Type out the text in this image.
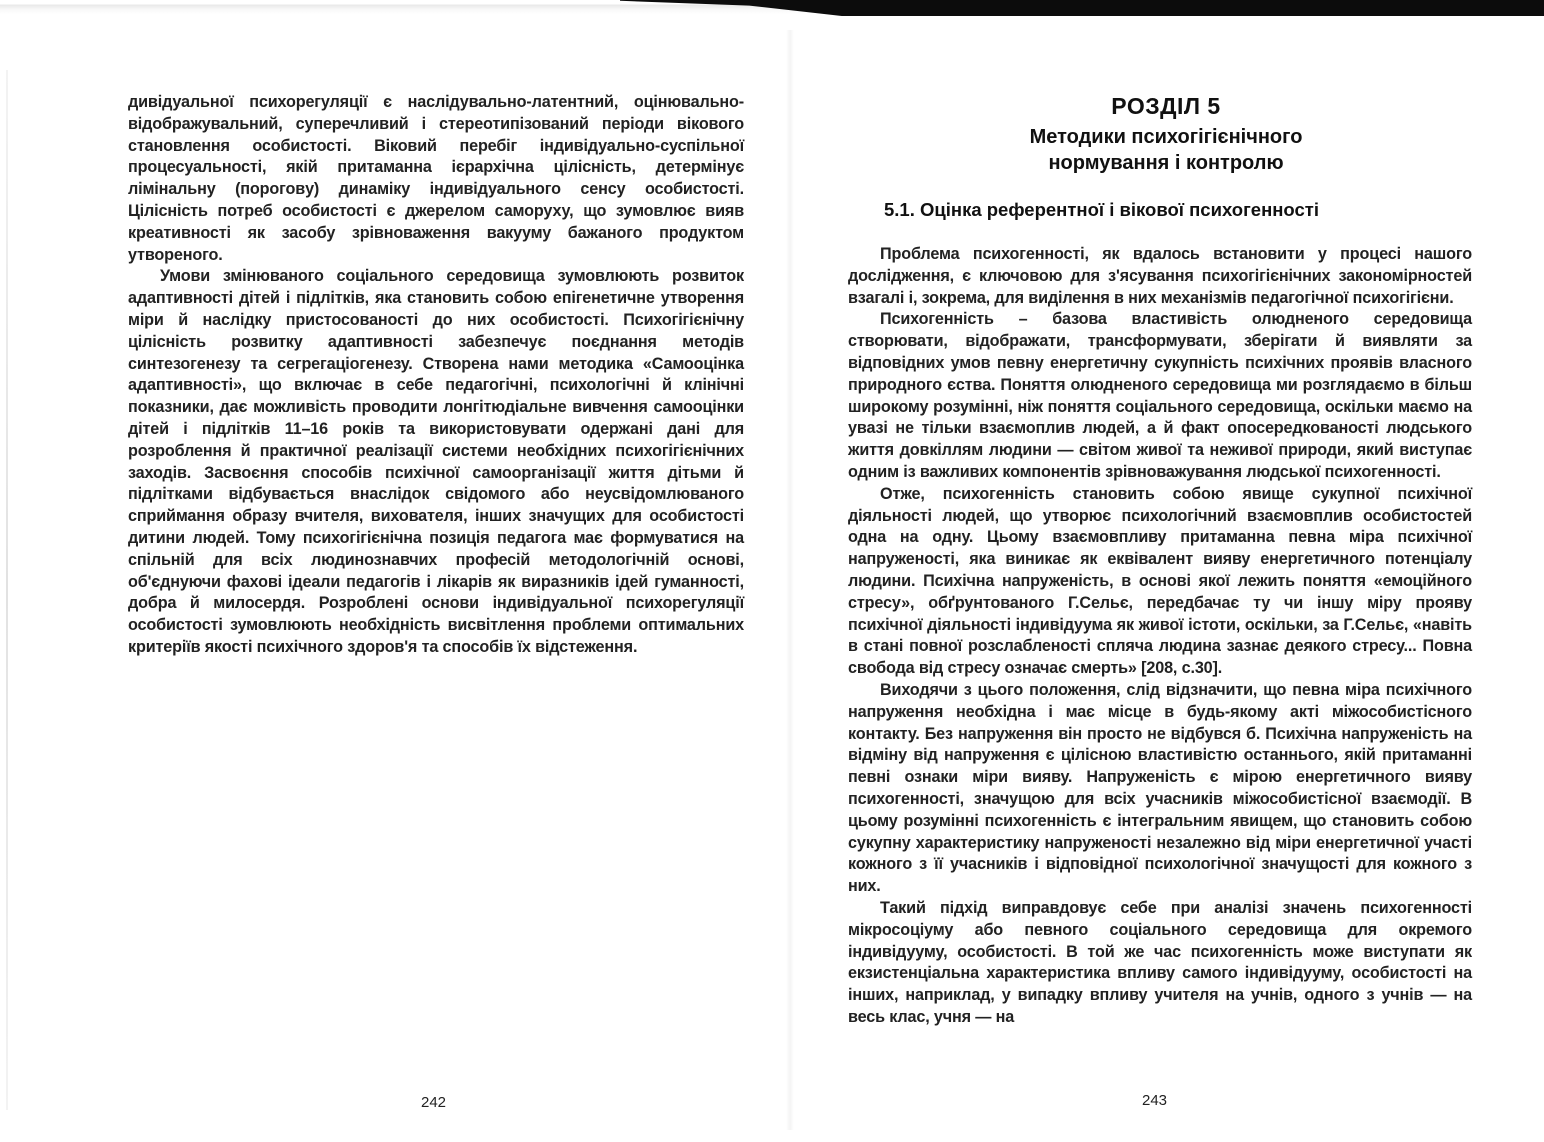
дивідуальної психорегуляції є наслідувально-латентний, оцінювально-відображувальний, суперечливий і стереотипізований періоди вікового становлення особистості. Віковий перебіг індивідуально-суспільної процесуальності, якій притаманна ієрархічна цілісність, детермінує лімінальну (пороговy) динаміку індивідуального сенсу особистості. Цілісність потреб особистості є джерелом саморуху, що зумовлює вияв креативності як засобу зрівноваження вакууму бажаного продуктом утвореного.

Умови змінюваного соціального середовища зумовлюють розвиток адаптивності дітей і підлітків, яка становить собою епігенетичне утворення міри й наслідку пристосованості до них особистості. Психогігієнічну цілісність розвитку адаптивності забезпечує поєднання методів синтезогенезу та сегрегаціогенезу. Створена нами методика «Самооцінка адаптивності», що включає в себе педагогічні, психологічні й клінічні показники, дає можливість проводити лонгітюдіальне вивчення самооцінки дітей і підлітків 11–16 років та використовувати одержані дані для розроблення й практичної реалізації системи необхідних психогігієнічних заходів. Засвоєння способів психічної самоорганізації життя дітьми й підлітками відбувається внаслідок свідомого або неусвідомлюваного сприймання образу вчителя, вихователя, інших значущих для особистості дитини людей. Тому психогігієнічна позиція педагога має формуватися на спільній для всіх людинознавчих професій методологічній основі, об'єднуючи фахові ідеали педагогів і лікарів як виразників ідей гуманності, добра й милосердя. Розроблені основи індивідуальної психорегуляції особистості зумовлюють необхідність висвітлення проблеми оптимальних критеріїв якості психічного здоров'я та способів їх відстеження.

РОЗДІЛ 5
Методики психогігієнічного
нормування і контролю
5.1. Оцінка референтної і вікової психогенності

Проблема психогенності, як вдалось встановити у процесі нашого дослідження, є ключовою для з'ясування психогігієнічних закономірностей взагалі і, зокрема, для виділення в них механізмів педагогічної психогігієни.

Психогенність – базова властивість олюдненого середовища створювати, відображати, трансформувати, зберігати й виявляти за відповідних умов певну енергетичну сукупність психічних проявів власного природного єства. Поняття олюдненого середовища ми розглядаємо в більш широкому розумінні, ніж поняття соціального середовища, оскільки маємо на увазі не тільки взаємоплив людей, а й факт опосередкованості людського життя довкіллям людини — світом живої та неживої природи, який виступає одним із важливих компонентів зрівноважування людської психогенності.

Отже, психогенність становить собою явище сукупної психічної діяльності людей, що утворює психологічний взаємовплив особистостей одна на одну. Цьому взаємовпливу притаманна певна міра психічної напруженості, яка виникає як еквівалент вияву енергетичного потенціалу людини. Психічна напруженість, в основі якої лежить поняття «емоційного стресу», обґрунтованого Г.Сельє, передбачає ту чи іншу міру прояву психічної діяльності індивідуума як живої істоти, оскільки, за Г.Сельє, «навіть в стані повної розслабленості спляча людина зазнає деякого стресу... Повна свобода від стресу означає смерть» [208, с.30].

Виходячи з цього положення, слід відзначити, що певна міра психічного напруження необхідна і має місце в будь-якому акті міжособистісного контакту. Без напруження він просто не відбувся б. Психічна напруженість на відміну від напруження є цілісною властивістю останнього, якій притаманні певні ознаки міри вияву. Напруженість є мірою енергетичного вияву психогенності, значущою для всіх учасників міжособистісної взаємодії. В цьому розумінні психогенність є інтегральним явищем, що становить собою сукупну характеристику напруженості незалежно від міри енергетичної участі кожного з її учасників і відповідної психологічної значущості для кожного з них.

Такий підхід виправдовує себе при аналізі значень психогенності мікросоціуму або певного соціального середовища для окремого індивідууму, особистості. В той же час психогенність може виступати як екзистенціальна характеристика впливу самого індивідууму, особистості на інших, наприклад, у випадку впливу учителя на учнів, одного з учнів — на весь клас, учня — на

242	243
